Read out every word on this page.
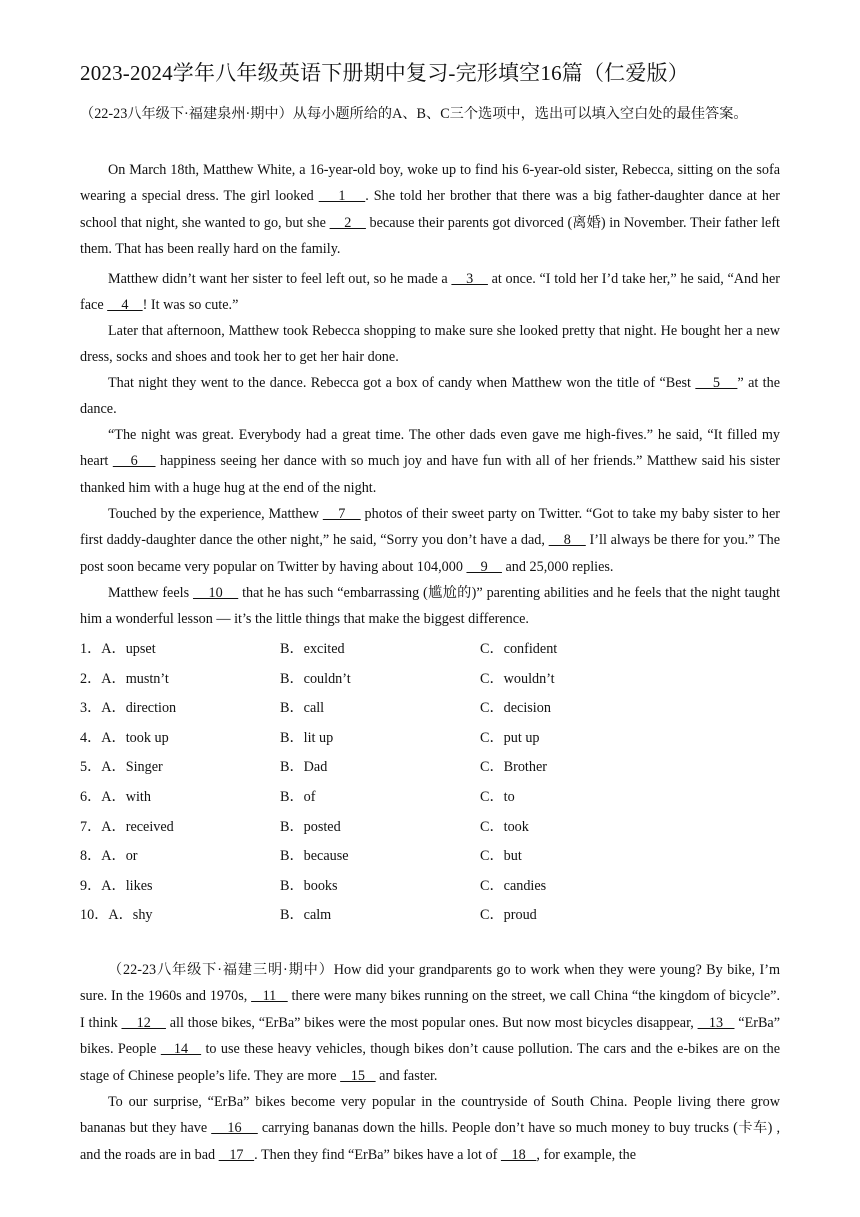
2023-2024学年八年级英语下册期中复习-完形填空16篇（仁爱版）
（22-23八年级下·福建泉州·期中）从每小题所给的A、B、C三个选项中，选出可以填入空白处的最佳答案。
On March 18th, Matthew White, a 16-year-old boy, woke up to find his 6-year-old sister, Rebecca, sitting on the sofa wearing a special dress. The girl looked     1    . She told her brother that there was a big father-daughter dance at her school that night, she wanted to go, but she     2     because their parents got divorced (离婚) in November. Their father left them. That has been really hard on the family.
Matthew didn’t want her sister to feel left out, so he made a     3     at once. “I told her I’d take her,” he said, “And her face     4    ! It was so cute.”
Later that afternoon, Matthew took Rebecca shopping to make sure she looked pretty that night. He bought her a new dress, socks and shoes and took her to get her hair done.
That night they went to the dance. Rebecca got a box of candy when Matthew won the title of “Best     5    ” at the dance.
“The night was great. Everybody had a great time. The other dads even gave me high-fives.” he said, “It filled my heart     6     happiness seeing her dance with so much joy and have fun with all of her friends.” Matthew said his sister thanked him with a huge hug at the end of the night.
Touched by the experience, Matthew     7     photos of their sweet party on Twitter. “Got to take my baby sister to her first daddy-daughter dance the other night,” he said, “Sorry you don’t have a dad,     8     I’ll always be there for you.” The post soon became very popular on Twitter by having about 104,000     9     and 25,000 replies.
Matthew feels     10     that he has such “embarrassing (尴尬的)” parenting abilities and he feels that the night taught him a wonderful lesson — it’s the little things that make the biggest difference.
1．A．upset	B．excited	C．confident
2．A．mustn’t	B．couldn’t	C．wouldn’t
3．A．direction	B．call	C．decision
4．A．took up	B．lit up	C．put up
5．A．Singer	B．Dad	C．Brother
6．A．with	B．of	C．to
7．A．received	B．posted	C．took
8．A．or	B．because	C．but
9．A．likes	B．books	C．candies
10．A．shy	B．calm	C．proud
（22-23八年级下·福建三明·期中）How did your grandparents go to work when they were young? By bike, I’m sure. In the 1960s and 1970s,    11    there were many bikes running on the street, we call China “the kingdom of bicycle”. I think     12     all those bikes, “ErBa” bikes were the most popular ones. But now most bicycles disappear,    13    “ErBa” bikes. People    14    to use these heavy vehicles, though bikes don’t cause pollution. The cars and the e-bikes are on the stage of Chinese people’s life. They are more    15    and faster.
To our surprise, “ErBa” bikes become very popular in the countryside of South China. People living there grow bananas but they have     16     carrying bananas down the hills. People don’t have so much money to buy trucks (卡车) , and the roads are in bad    17   . Then they find “ErBa” bikes have a lot of    18   , for example, the
